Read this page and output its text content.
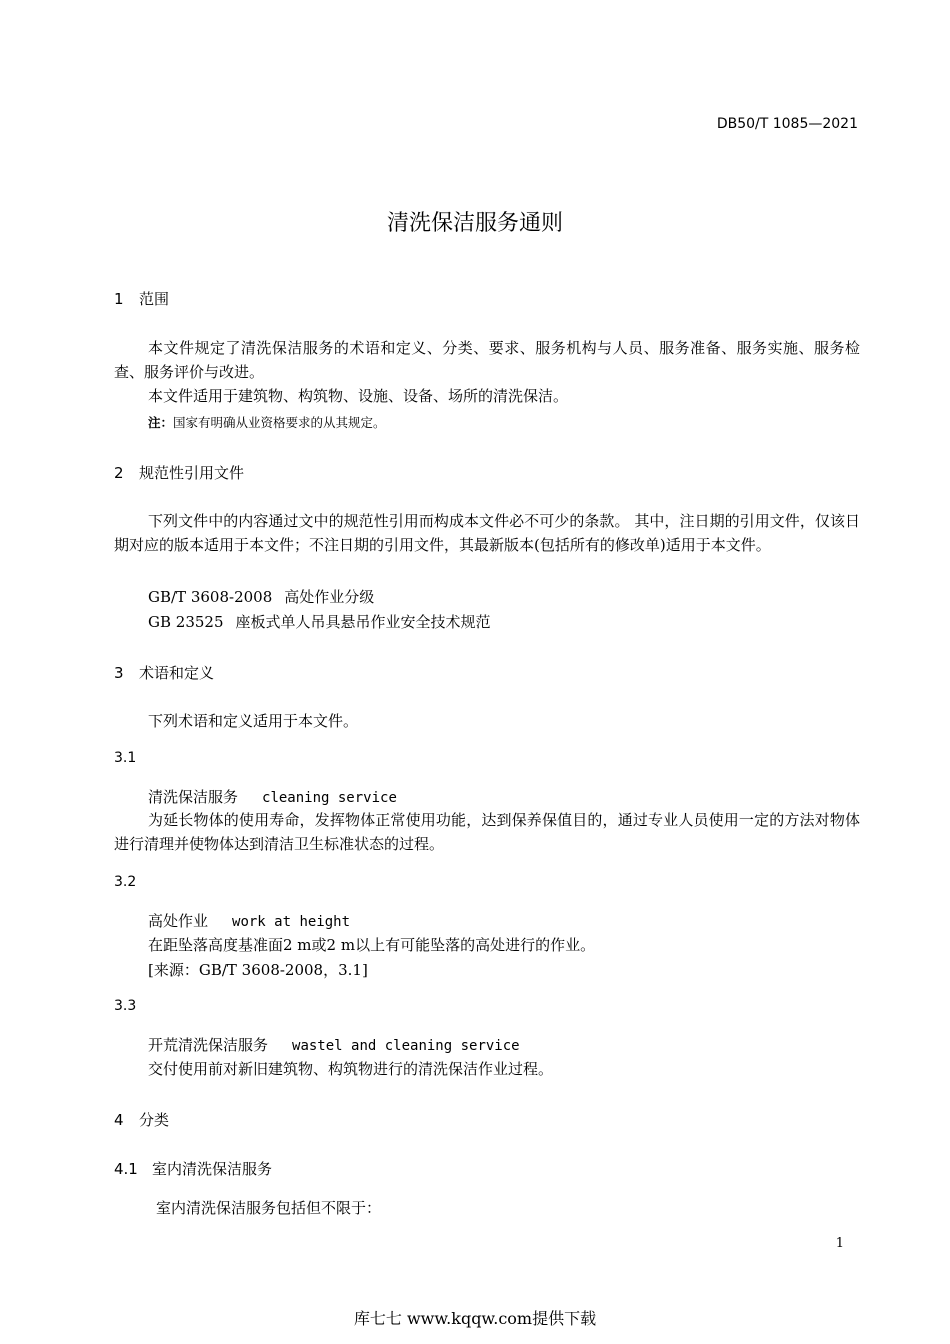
DB50/T 1085—2021
清洗保洁服务通则
1 范围
本文件规定了清洗保洁服务的术语和定义、分类、要求、服务机构与人员、服务准备、服务实施、服务检查、服务评价与改进。
本文件适用于建筑物、构筑物、设施、设备、场所的清洗保洁。
注：国家有明确从业资格要求的从其规定。
2 规范性引用文件
下列文件中的内容通过文中的规范性引用而构成本文件必不可少的条款。 其中，注日期的引用文件，仅该日期对应的版本适用于本文件；不注日期的引用文件，其最新版本(包括所有的修改单)适用于本文件。
GB/T 3608-2008 高处作业分级
GB 23525 座板式单人吊具悬吊作业安全技术规范
3 术语和定义
下列术语和定义适用于本文件。
3.1
清洗保洁服务 cleaning service
为延长物体的使用寿命，发挥物体正常使用功能，达到保养保值目的，通过专业人员使用一定的方法对物体进行清理并使物体达到清洁卫生标准状态的过程。
3.2
高处作业 work at height
在距坠落高度基准面2 m或2 m以上有可能坠落的高处进行的作业。
[来源：GB/T 3608-2008，3.1]
3.3
开荒清洗保洁服务 wastel and cleaning service
交付使用前对新旧建筑物、构筑物进行的清洗保洁作业过程。
4 分类
4.1 室内清洗保洁服务
室内清洗保洁服务包括但不限于：
1
库七七 www.kqqw.com提供下载
